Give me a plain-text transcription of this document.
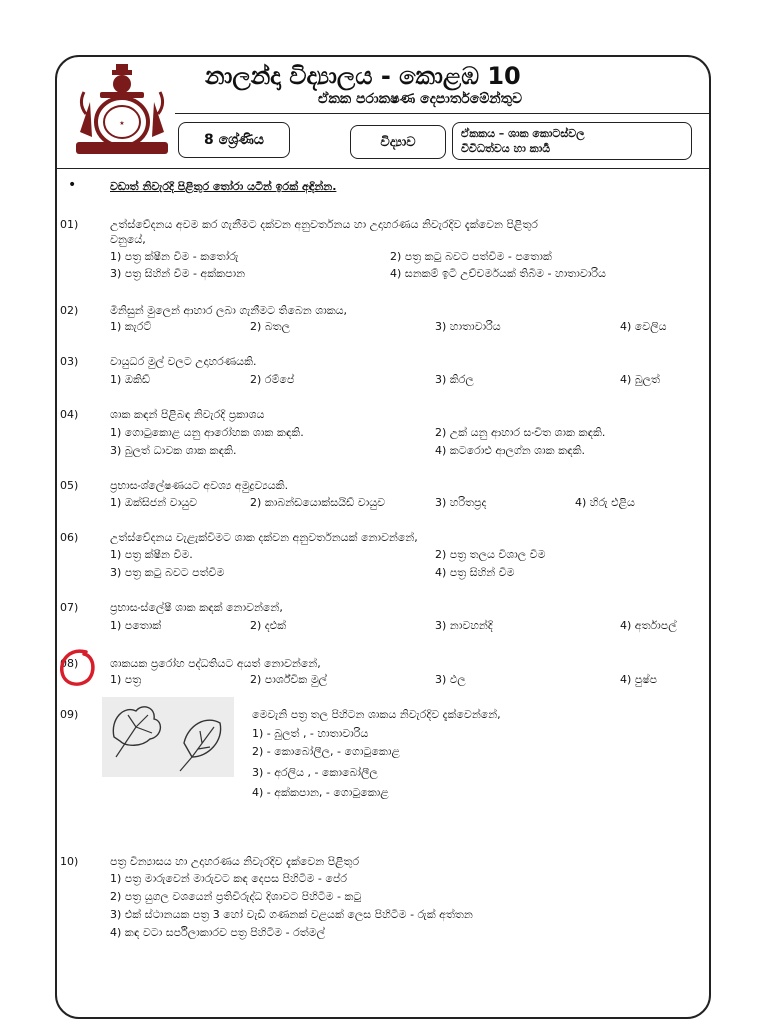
★
නාලන්දා විද්‍යාලය - කොළඹ 10
ඒකක පරාකෂණ දෙපාර්තමේන්තුව
8 ශ්‍රේණිය	විද්‍යාව
ඒකකය – ශාක කොටස්වල
විවිධත්වය හා කාර්‍ය
•	වඩාත් නිවැරදි පිළිතුර තෝරා යටින් ඉරක් අඳින්න.
01)	උත්ස්වේදනය අවම කර ගැනීමට දක්වන අනුවර්තනය හා උදාහරණය නිවැරදිව දැක්වෙන පිළිතුර
වනුයේ,
1) පත්‍ර ක්ෂීන වීම - කතෝරු	2) පත්‍ර කටු බවට පත්වීම - පතොක්
3) පත්‍ර සිහින් වීම - අක්කපාන	4) සනකම් ඉටි උච්චර්මයක් තිබීම - හාතාවාරිය
02)	මිනිසුන් මුලෙන් ආහාර ලබා ගැනීමට තිබෙන ශාකය,
1) කැරට්	2) බතල	3) හාතාවාරිය	4) වෙලිය
03)	වායුධර මුල් වලට උදාහරණයකි.
1) ඔකිඩ්	2) රම්පේ	3) කිරල	4) බුලත්
04)	ශාක කඳන් පිළිබඳ නිවැරදි ප්‍රකාශය
1) ගොටුකොළ යනු ආරෝහක ශාක කඳකි.	2) උක් යනු ආහාර සංචිත ශාක කඳකි.
3) බුලත් ධාවක ශාක කඳකි.	4) කටරොළු ආලග්න ශාක කඳකි.
05)	ප්‍රභාසංශ්ලේෂණයට අවශ්‍ය අමුද්‍රව්‍යයකි.
1) ඔක්සිජන් වායුව	2) කාබන්ඩයොක්සයිඩ් වායුව	3) හරිතප්‍රද	4) හිරු එළිය
06)	උත්ස්වේදනය වැළැක්වීමට ශාක දක්වන අනුවර්තනයක් නොවන්නේ,
1) පත්‍ර ක්ෂීන වීම.	2) පත්‍ර තලය විශාල වීම
3) පත්‍ර කටු බවට පත්වීම	4) පත්‍ර සිහින් වීම
07)	ප්‍රභාසංස්ලේෂී ශාක කඳක් නොවන්නේ,
1) පතොක්	2) දළුක්	3) නාවහන්දි	4) අර්තාපල්
08)	ශාකයක ප්‍රරෝහ පද්ධතියට අයත් නොවන්නේ,
1) පත්‍ර	2) පාර්ශ්වික මුල්	3) ඵල	4) පුෂ්ප
09)	මෙවැනි පත්‍ර තල පිහිටන ශාකය නිවැරදිව දැක්වෙන්නේ,
1) - බුලත් , - හාතාවාරිය
2) - කොබෝලීල, - ගොටුකොළ
3) - අරලිය , - කොබෝලීල
4) - අක්කපාන, - ගොටුකොළ
10)	පත්‍ර වින්‍යාසය හා උදාහරණය නිවැරදිව දැක්වෙන පිළිතුර
1) පත්‍ර මාරුවෙන් මාරුවට කඳ දෙපස පිහිටීම - පේර
2) පත්‍ර යුගල වශයෙන් ප්‍රතිවිරුද්ධ දිශාවට පිහිටීම - කටු
3) එක් ස්ථානයක පත්‍ර 3 හෝ වැඩි ගණනක් වළයක් ලෙස පිහිටීම - රුක් අත්තන
4) කඳ වටා සර්පිලාකාරව පත්‍ර පිහිටීම - රත්මල්
